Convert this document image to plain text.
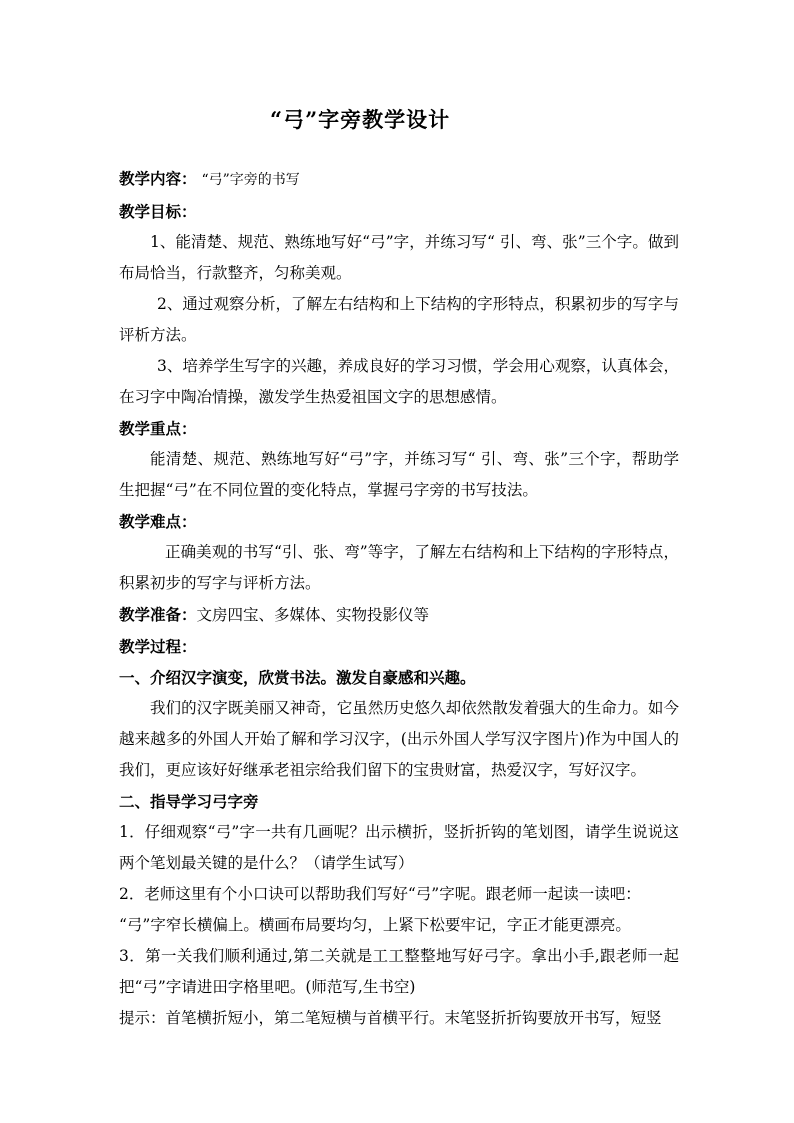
“弓”字旁教学设计
教学内容： “弓”字旁的书写
教学目标：
1、能清楚、规范、熟练地写好“弓”字，并练习写“ 引、弯、张”三个字。做到布局恰当，行款整齐，匀称美观。
2、通过观察分析，了解左右结构和上下结构的字形特点，积累初步的写字与评析方法。
3、培养学生写字的兴趣，养成良好的学习习惯，学会用心观察，认真体会，在习字中陶冶情操，激发学生热爱祖国文字的思想感情。
教学重点：
能清楚、规范、熟练地写好“弓”字，并练习写“ 引、弯、张”三个字，帮助学生把握“弓”在不同位置的变化特点，掌握弓字旁的书写技法。
教学难点：
正确美观的书写“引、张、弯”等字，了解左右结构和上下结构的字形特点，积累初步的写字与评析方法。
教学准备：文房四宝、多媒体、实物投影仪等
教学过程：
一、介绍汉字演变，欣赏书法。激发自豪感和兴趣。
我们的汉字既美丽又神奇，它虽然历史悠久却依然散发着强大的生命力。如今越来越多的外国人开始了解和学习汉字，(出示外国人学写汉字图片)作为中国人的我们，更应该好好继承老祖宗给我们留下的宝贵财富，热爱汉字，写好汉字。
二、指导学习弓字旁
1．仔细观察“弓”字一共有几画呢？出示横折，竖折折钩的笔划图，请学生说说这两个笔划最关键的是什么？（请学生试写）
2．老师这里有个小口诀可以帮助我们写好“弓”字呢。跟老师一起读一读吧：
“弓”字窄长横偏上。横画布局要均匀，上紧下松要牢记，字正才能更漂亮。
3．第一关我们顺利通过,第二关就是工工整整地写好弓字。拿出小手,跟老师一起把“弓”字请进田字格里吧。(师范写,生书空)
提示：首笔横折短小，第二笔短横与首横平行。末笔竖折折钩要放开书写，短竖
